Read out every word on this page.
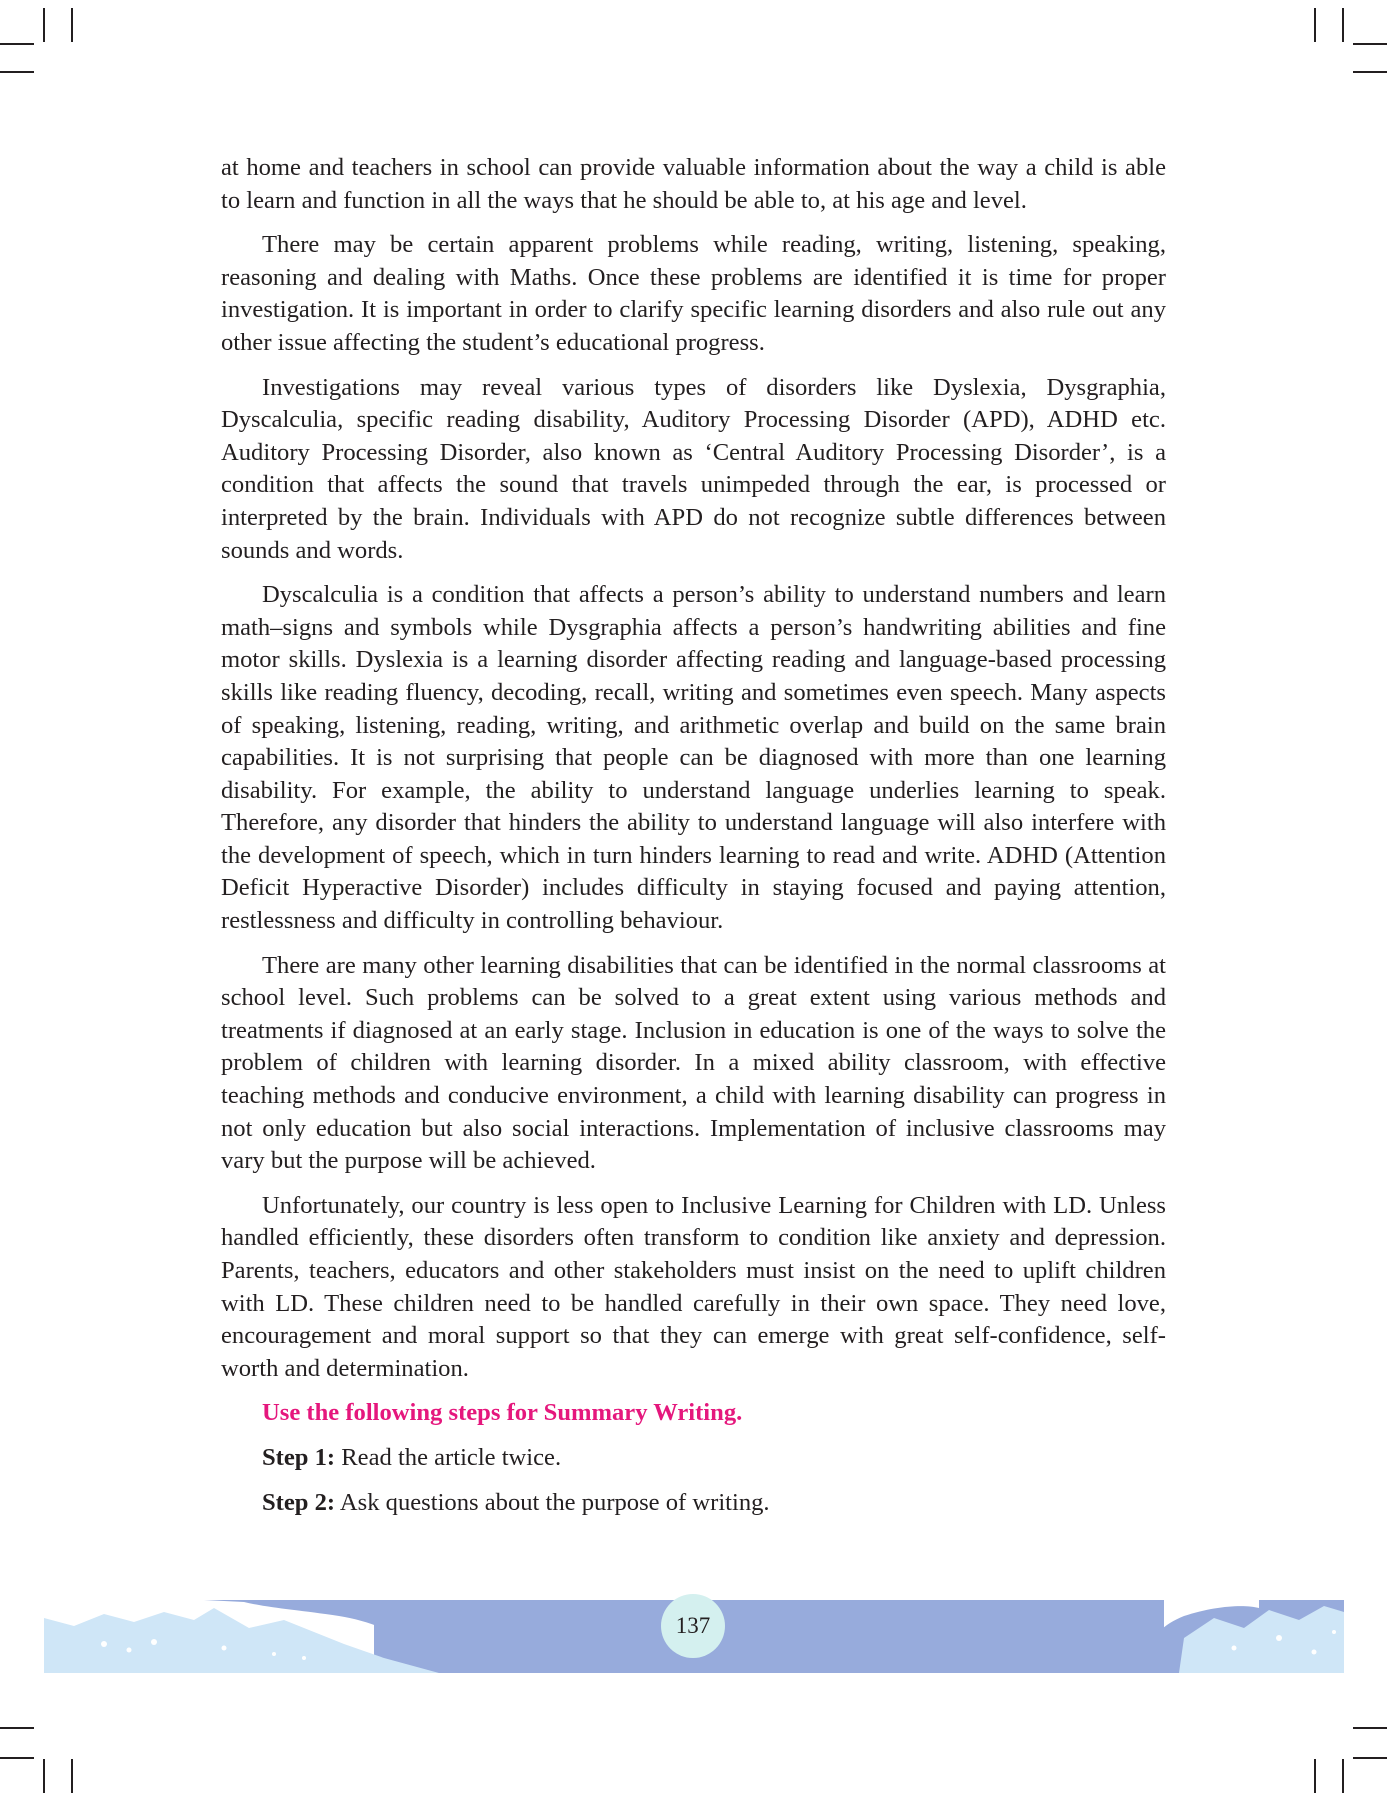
at home and teachers in school can provide valuable information about the way a child is able to learn and function in all the ways that he should be able to, at his age and level.

There may be certain apparent problems while reading, writing, listening, speaking, reasoning and dealing with Maths. Once these problems are identified it is time for proper investigation. It is important in order to clarify specific learning disorders and also rule out any other issue affecting the student’s educational progress.

Investigations may reveal various types of disorders like Dyslexia, Dysgraphia, Dyscalculia, specific reading disability, Auditory Processing Disorder (APD), ADHD etc. Auditory Processing Disorder, also known as ‘Central Auditory Processing Disorder’, is a condition that affects the sound that travels unimpeded through the ear, is processed or interpreted by the brain. Individuals with APD do not recognize subtle differences between sounds and words.

Dyscalculia is a condition that affects a person’s ability to understand numbers and learn math–signs and symbols while Dysgraphia affects a person’s handwriting abilities and fine motor skills. Dyslexia is a learning disorder affecting reading and language-based processing skills like reading fluency, decoding, recall, writing and sometimes even speech. Many aspects of speaking, listening, reading, writing, and arithmetic overlap and build on the same brain capabilities. It is not surprising that people can be diagnosed with more than one learning disability. For example, the ability to understand language underlies learning to speak. Therefore, any disorder that hinders the ability to understand language will also interfere with the development of speech, which in turn hinders learning to read and write. ADHD (Attention Deficit Hyperactive Disorder) includes difficulty in staying focused and paying attention, restlessness and difficulty in controlling behaviour.

There are many other learning disabilities that can be identified in the normal classrooms at school level. Such problems can be solved to a great extent using various methods and treatments if diagnosed at an early stage. Inclusion in education is one of the ways to solve the problem of children with learning disorder. In a mixed ability classroom, with effective teaching methods and conducive environment, a child with learning disability can progress in not only education but also social interactions. Implementation of inclusive classrooms may vary but the purpose will be achieved.

Unfortunately, our country is less open to Inclusive Learning for Children with LD. Unless handled efficiently, these disorders often transform to condition like anxiety and depression. Parents, teachers, educators and other stakeholders must insist on the need to uplift children with LD. These children need to be handled carefully in their own space. They need love, encouragement and moral support so that they can emerge with great self-confidence, self-worth and determination.

Use the following steps for Summary Writing.

Step 1: Read the article twice.

Step 2: Ask questions about the purpose of writing.

137
